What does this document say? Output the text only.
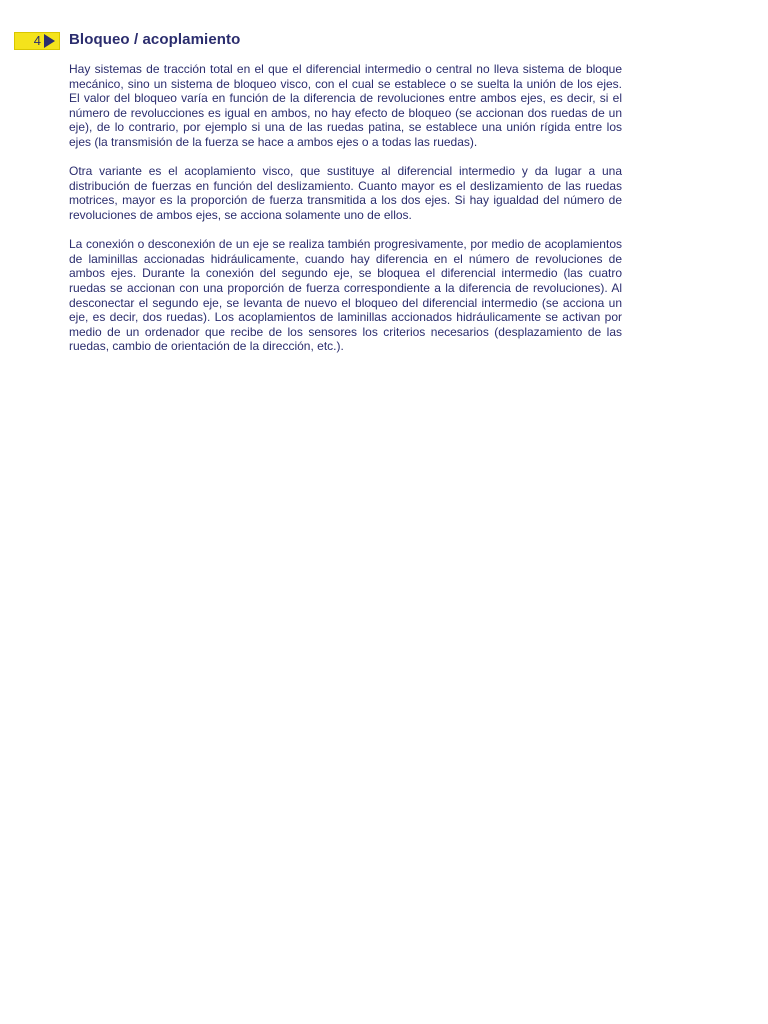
4 Bloqueo / acoplamiento

Hay sistemas de tracción total en el que el diferencial intermedio o central no lleva sistema de bloque mecánico, sino un sistema de bloqueo visco, con el cual se establece o se suelta la unión de los ejes. El valor del bloqueo varía en función de la diferencia de revoluciones entre ambos ejes, es decir, si el número de revolucciones es igual en ambos, no hay efecto de bloqueo (se accionan dos ruedas de un eje), de lo contrario, por ejemplo si una de las ruedas patina, se establece una unión rígida entre los ejes (la transmisión de la fuerza se hace a ambos ejes o a todas las ruedas).

Otra variante es el acoplamiento visco, que sustituye al diferencial intermedio y da lugar a una distribución de fuerzas en función del deslizamiento. Cuanto mayor es el deslizamiento de las ruedas motrices, mayor es la proporción de fuerza transmitida a los dos ejes. Si hay igualdad del número de revoluciones de ambos ejes, se acciona solamente uno de ellos.

La conexión o desconexión de un eje se realiza también progresivamente, por medio de acoplamientos de laminillas accionadas hidráulicamente, cuando hay diferencia en el número de revoluciones de ambos ejes. Durante la conexión del segundo eje, se bloquea el diferencial intermedio (las cuatro ruedas se accionan con una proporción de fuerza correspondiente a la diferencia de revoluciones). Al desconectar el segundo eje, se levanta de nuevo el bloqueo del diferencial intermedio (se acciona un eje, es decir, dos ruedas). Los acoplamientos de laminillas accionados hidráulicamente se activan por medio de un ordenador que recibe de los sensores los criterios necesarios (desplazamiento de las ruedas, cambio de orientación de la dirección, etc.).
